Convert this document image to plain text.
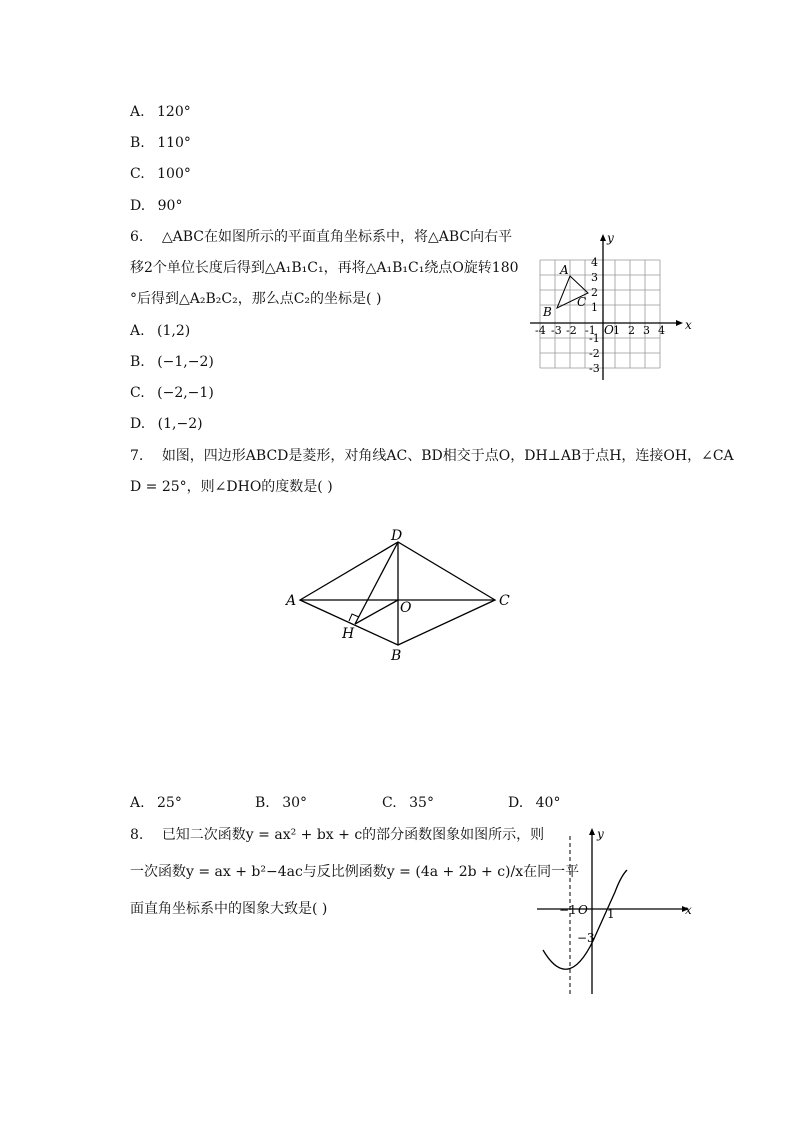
A. 120°
B. 110°
C. 100°
D. 90°
6. △ABC在如图所示的平面直角坐标系中，将△ABC向右平
移2个单位长度后得到△A₁B₁C₁，再将△A₁B₁C₁绕点O旋转180
°后得到△A₂B₂C₂，那么点C₂的坐标是( )
A. (1,2)
B. (−1,−2)
C. (−2,−1)
D. (1,−2)
x
y
O
-4 -3 -2 -1 1 2 3 4
4
3
2
1
-1
-2
-3
A
B
C
7. 如图，四边形ABCD是菱形，对角线AC、BD相交于点O，DH⊥AB于点H，连接OH，∠CA
D = 25°，则∠DHO的度数是( )
A
B
C
D
O
H
A. 25°	B. 30°	C. 35°	D. 40°
8. 已知二次函数y = ax² + bx + c的部分函数图象如图所示，则
一次函数y = ax + b²−4ac与反比例函数y = (4a + 2b + c)/x在同一平
面直角坐标系中的图象大致是( )	x
y
O
−1	1
−3
